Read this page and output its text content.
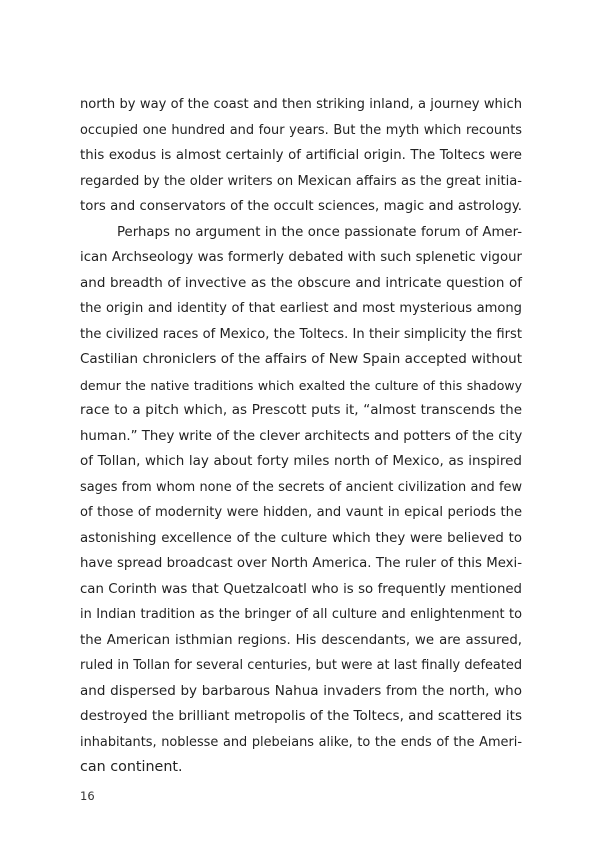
north by way of the coast and then striking inland, a journey which
occupied one hundred and four years. But the myth which recounts
this exodus is almost certainly of artificial origin. The Toltecs were
regarded by the older writers on Mexican affairs as the great initia-
tors and conservators of the occult sciences, magic and astrology.
Perhaps no argument in the once passionate forum of Amer-
ican Archseology was formerly debated with such splenetic vigour
and breadth of invective as the obscure and intricate question of
the origin and identity of that earliest and most mysterious among
the civilized races of Mexico, the Toltecs. In their simplicity the first
Castilian chroniclers of the affairs of New Spain accepted without
demur the native traditions which exalted the culture of this shadowy
race to a pitch which, as Prescott puts it, “almost transcends the
human.” They write of the clever architects and potters of the city
of Tollan, which lay about forty miles north of Mexico, as inspired
sages from whom none of the secrets of ancient civilization and few
of those of modernity were hidden, and vaunt in epical periods the
astonishing excellence of the culture which they were believed to
have spread broadcast over North America. The ruler of this Mexi-
can Corinth was that Quetzalcoatl who is so frequently mentioned
in Indian tradition as the bringer of all culture and enlightenment to
the American isthmian regions. His descendants, we are assured,
ruled in Tollan for several centuries, but were at last finally defeated
and dispersed by barbarous Nahua invaders from the north, who
destroyed the brilliant metropolis of the Toltecs, and scattered its
inhabitants, noblesse and plebeians alike, to the ends of the Ameri-
can continent.
16
